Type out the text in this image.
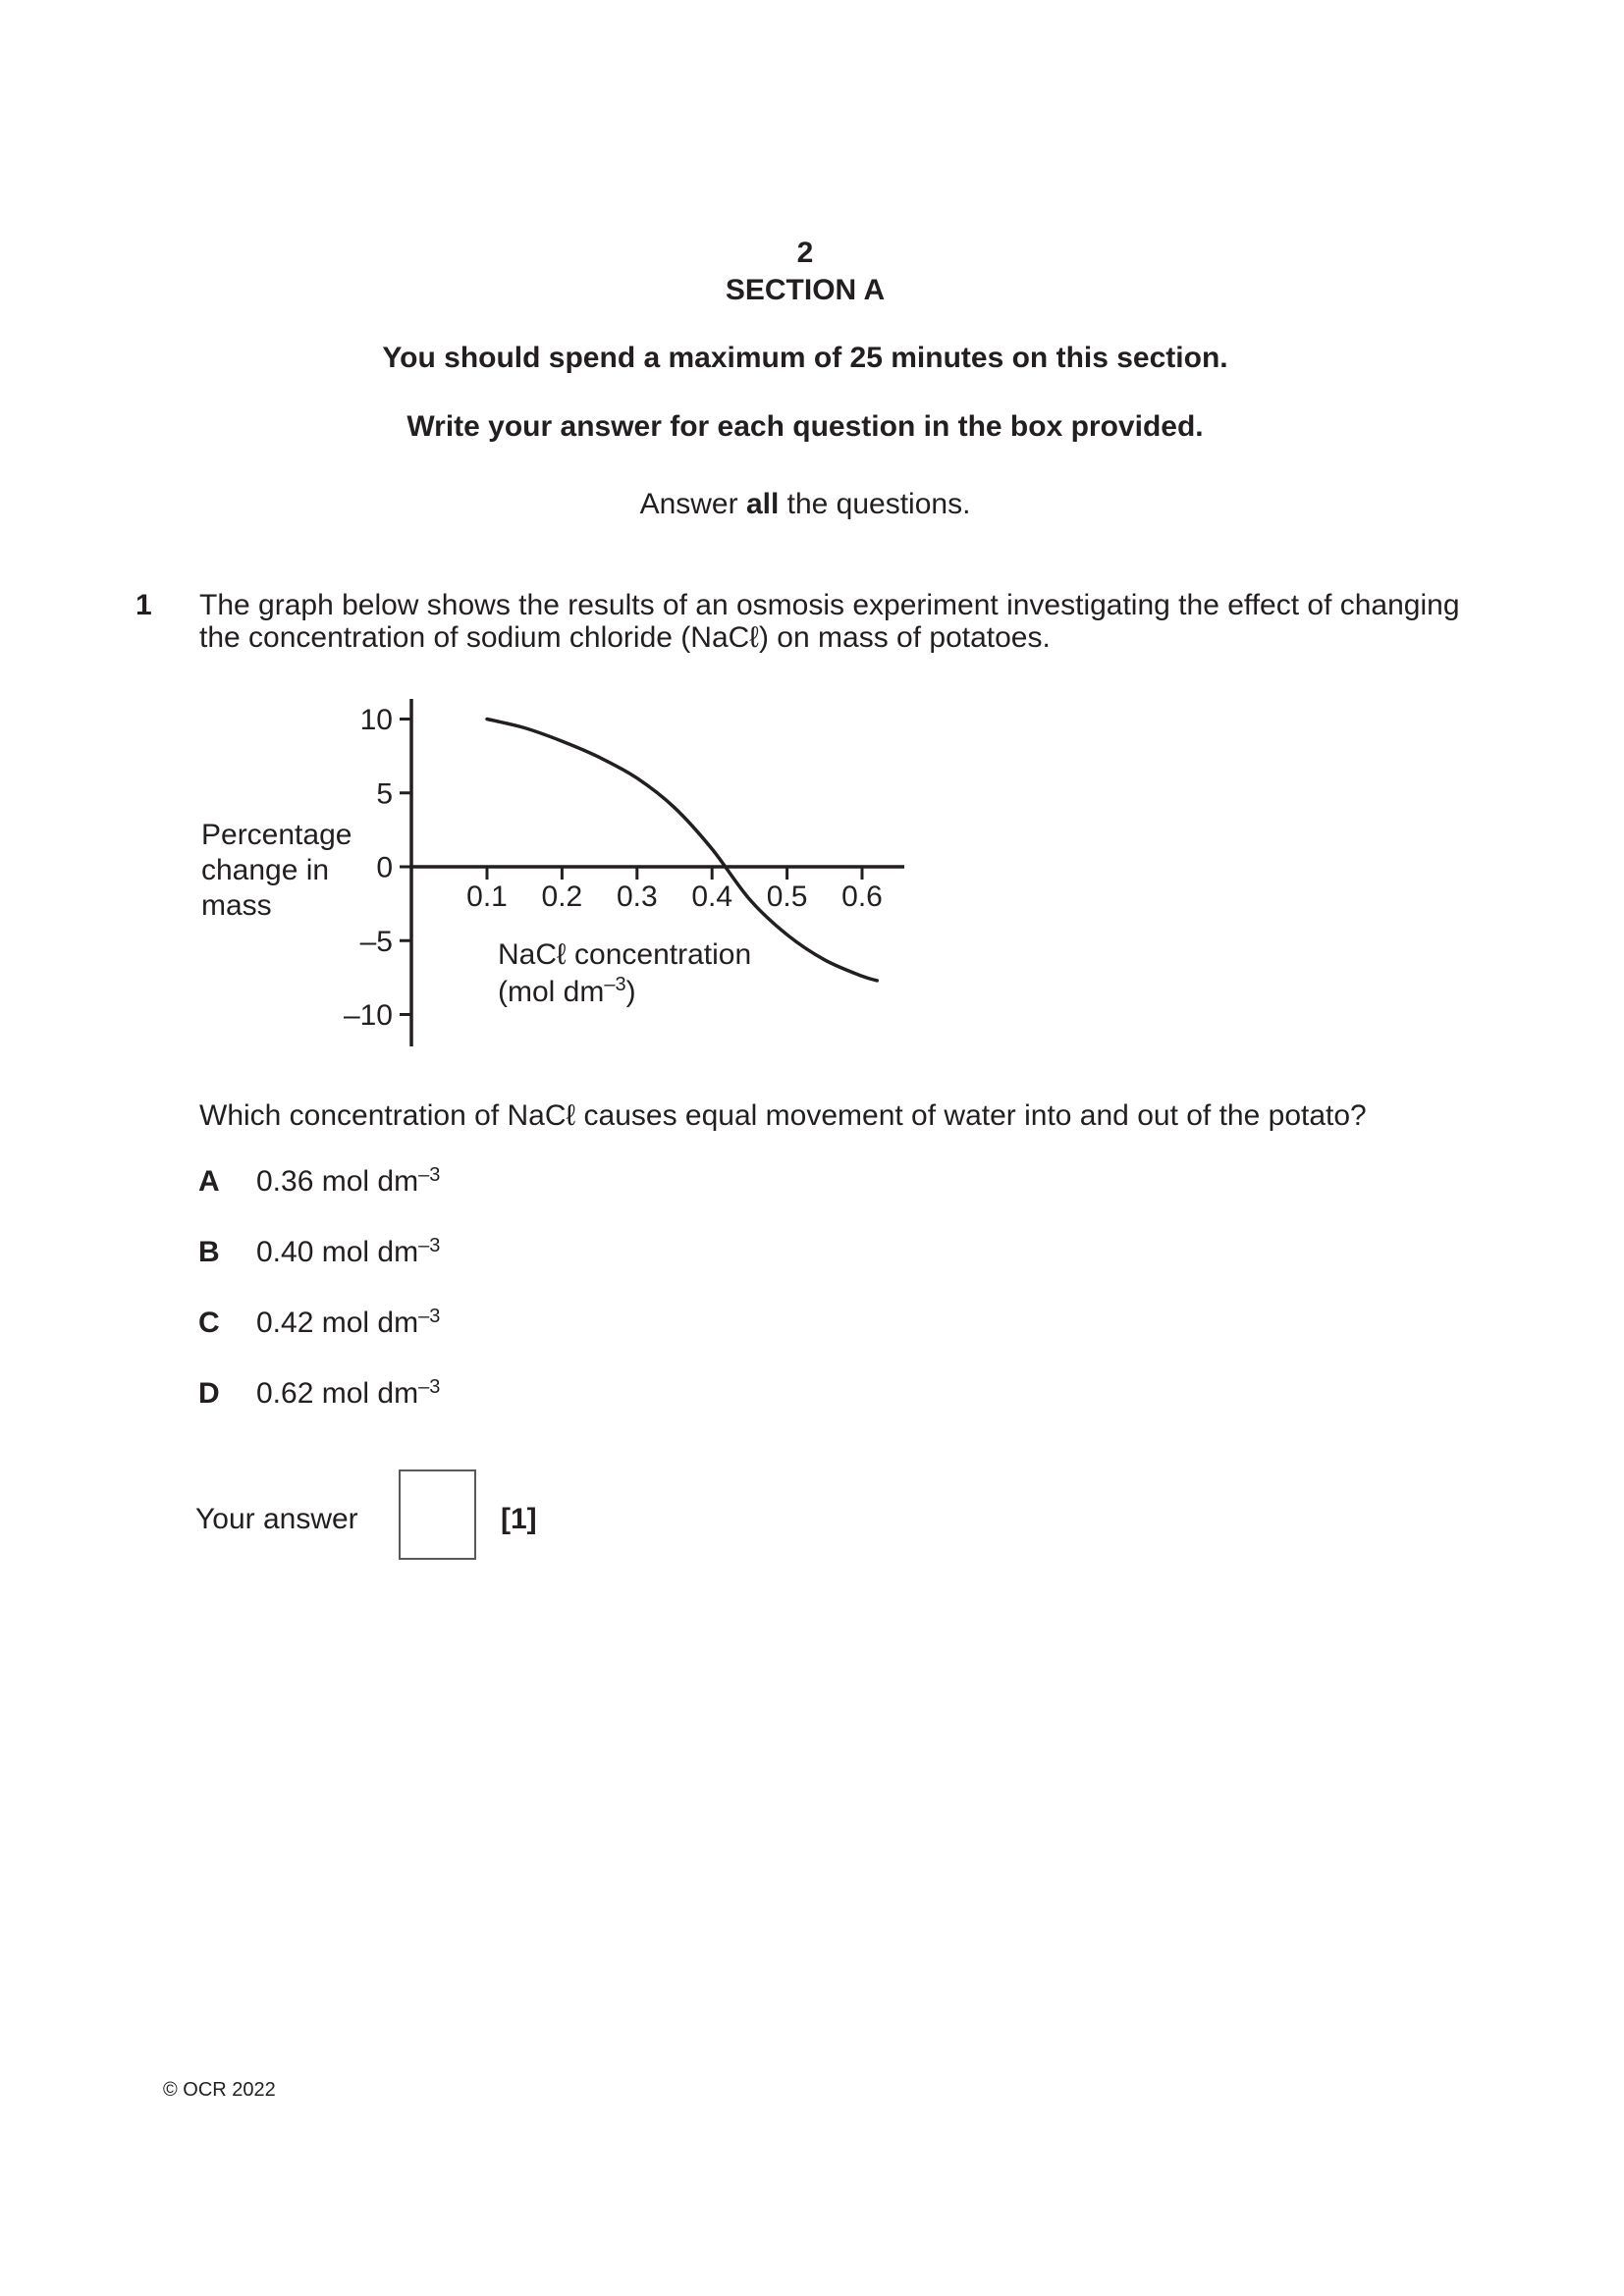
2
SECTION A
You should spend a maximum of 25 minutes on this section.
Write your answer for each question in the box provided.
Answer all the questions.
1 The graph below shows the results of an osmosis experiment investigating the effect of changing
the concentration of sodium chloride (NaCℓ) on mass of potatoes.
10
5
0
–5
–10
0.1 0.2 0.3 0.4 0.5 0.6
Percentage
change in
mass
NaCℓ concentration
(mol $dm^{-3}$)
Which concentration of NaCℓ causes equal movement of water into and out of the potato?
A 0.36 mol $dm^{-3}$
B 0.40 mol $dm^{-3}$
C 0.42 mol $dm^{-3}$
D 0.62 mol $dm^{-3}$
Your answer	[1]
© OCR 2022
